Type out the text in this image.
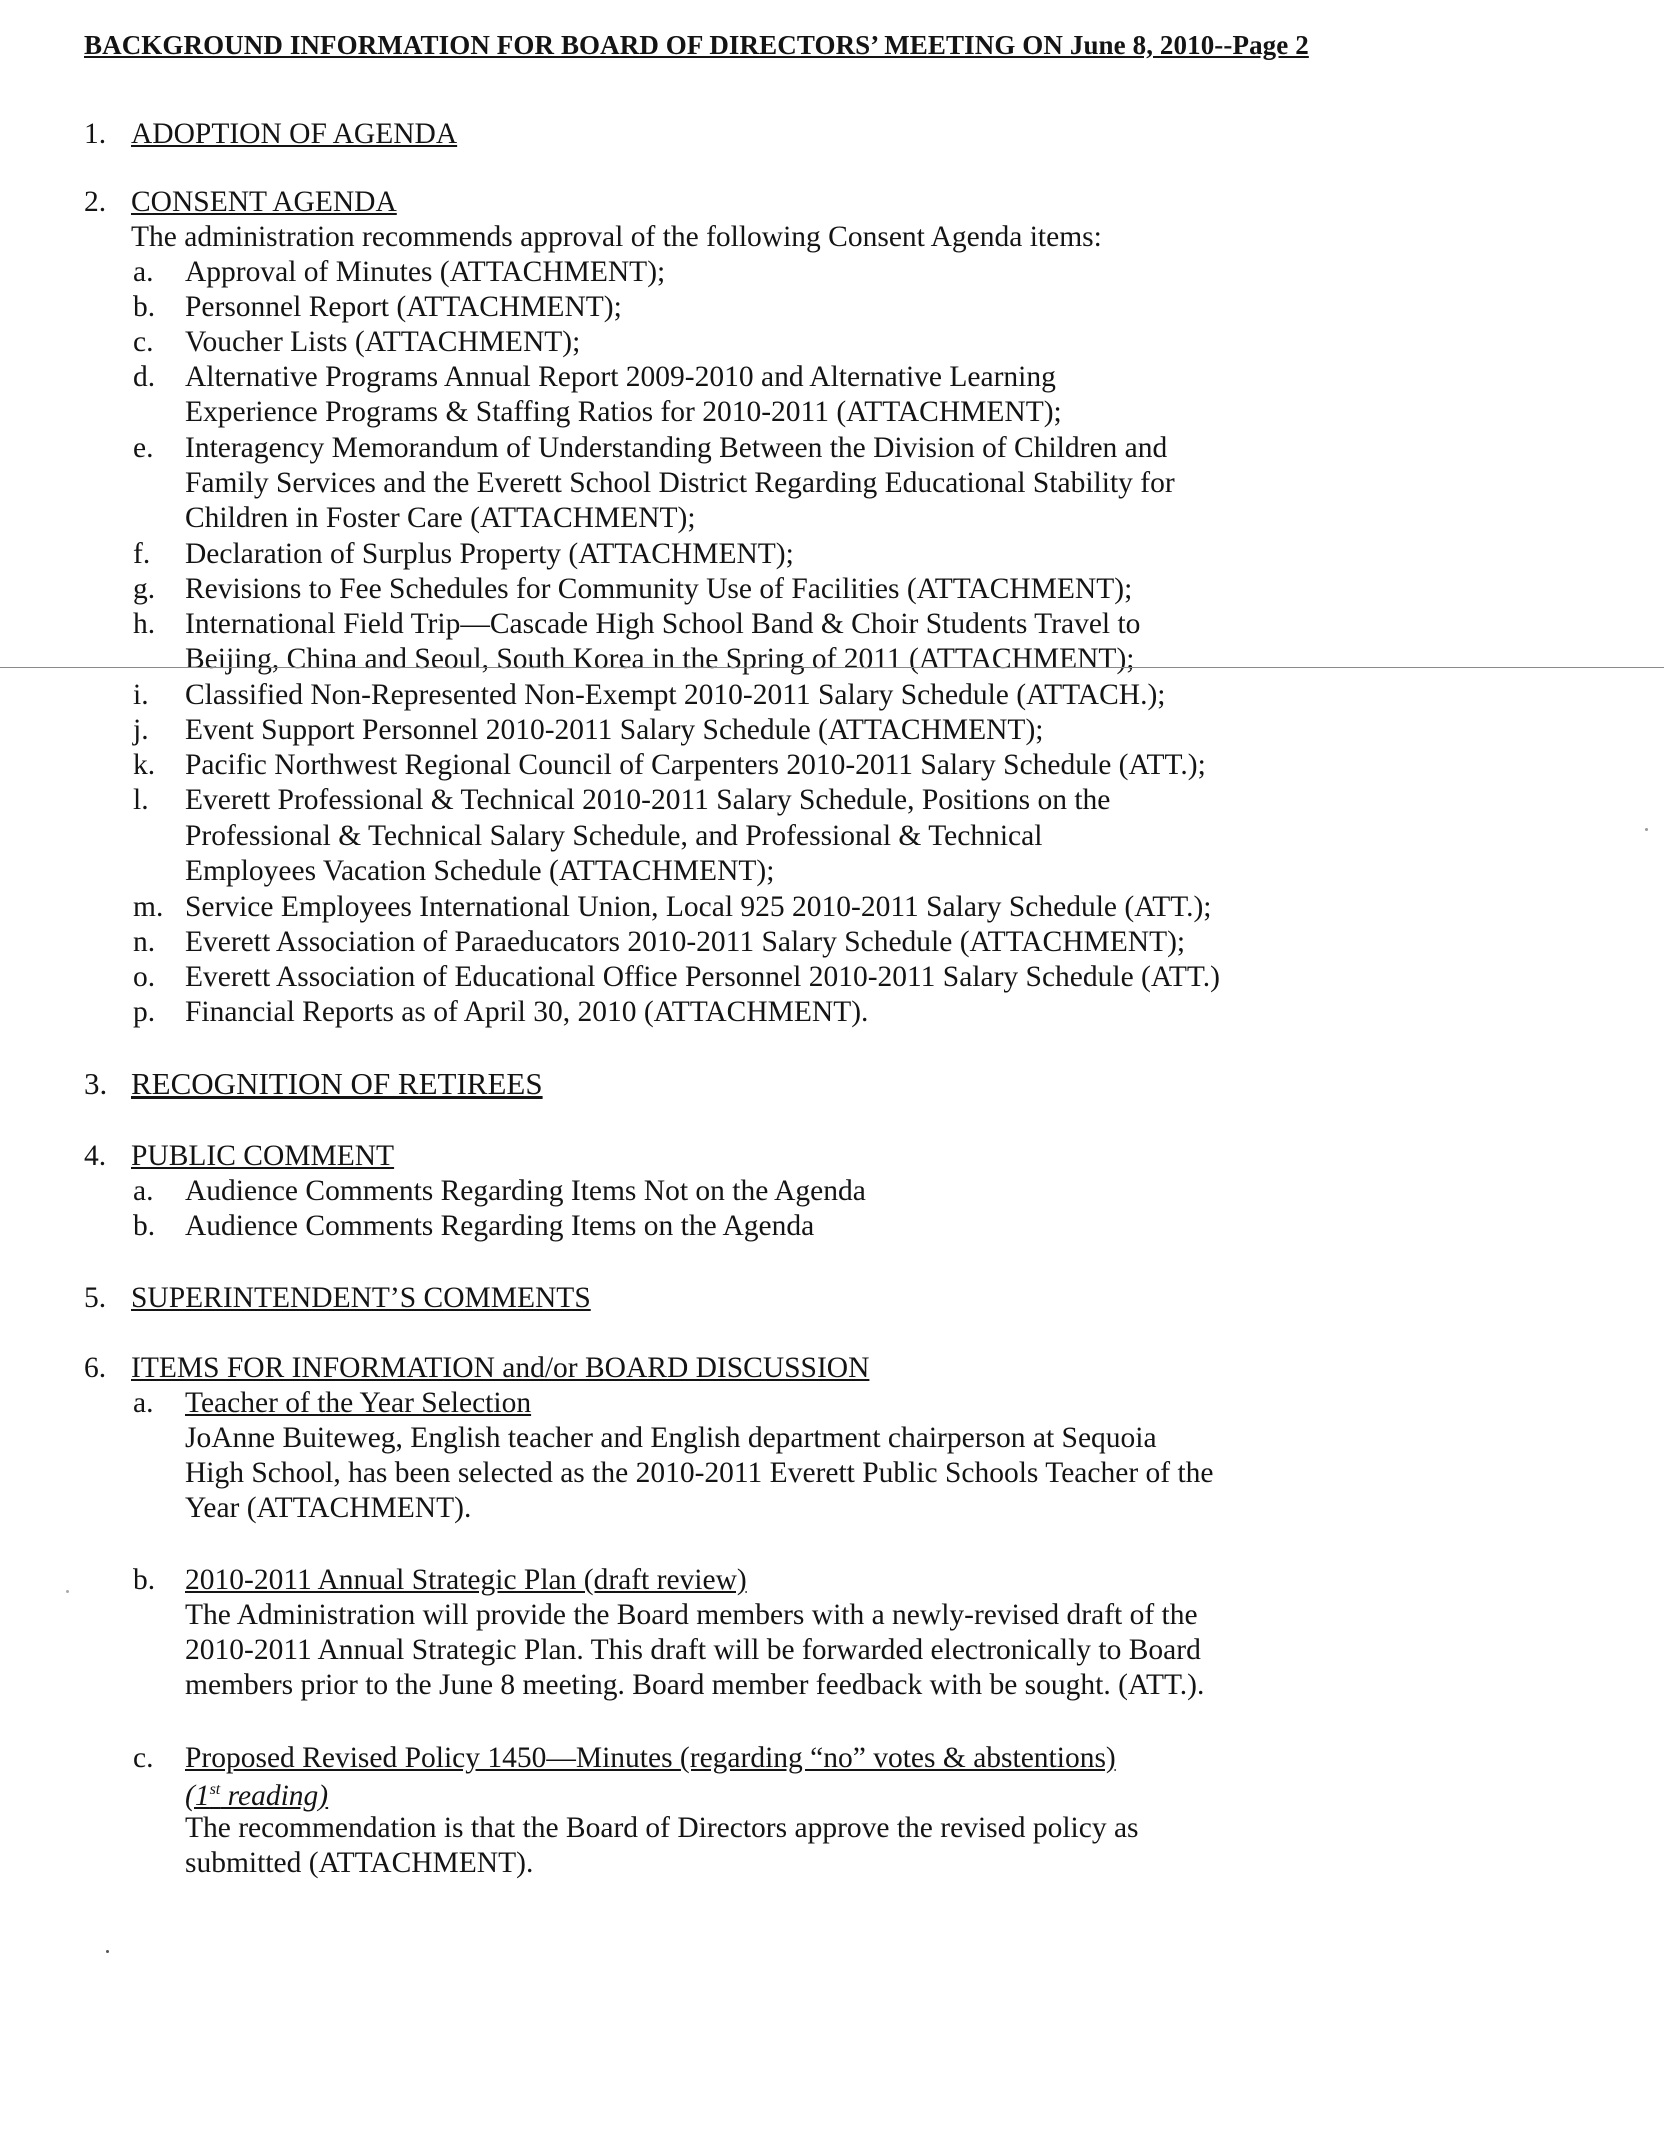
BACKGROUND INFORMATION FOR BOARD OF DIRECTORS’ MEETING ON June 8, 2010--Page 2
1. ADOPTION OF AGENDA
2. CONSENT AGENDA
The administration recommends approval of the following Consent Agenda items:
a. Approval of Minutes (ATTACHMENT);
b. Personnel Report (ATTACHMENT);
c. Voucher Lists (ATTACHMENT);
d. Alternative Programs Annual Report 2009-2010 and Alternative Learning
Experience Programs & Staffing Ratios for 2010-2011 (ATTACHMENT);
e. Interagency Memorandum of Understanding Between the Division of Children and
Family Services and the Everett School District Regarding Educational Stability for
Children in Foster Care (ATTACHMENT);
f. Declaration of Surplus Property (ATTACHMENT);
g. Revisions to Fee Schedules for Community Use of Facilities (ATTACHMENT);
h. International Field Trip—Cascade High School Band & Choir Students Travel to
Beijing, China and Seoul, South Korea in the Spring of 2011 (ATTACHMENT);
i. Classified Non-Represented Non-Exempt 2010-2011 Salary Schedule (ATTACH.);
j. Event Support Personnel 2010-2011 Salary Schedule (ATTACHMENT);
k. Pacific Northwest Regional Council of Carpenters 2010-2011 Salary Schedule (ATT.);
l. Everett Professional & Technical 2010-2011 Salary Schedule, Positions on the
Professional & Technical Salary Schedule, and Professional & Technical
Employees Vacation Schedule (ATTACHMENT);
m. Service Employees International Union, Local 925 2010-2011 Salary Schedule (ATT.);
n. Everett Association of Paraeducators 2010-2011 Salary Schedule (ATTACHMENT);
o. Everett Association of Educational Office Personnel 2010-2011 Salary Schedule (ATT.)
p. Financial Reports as of April 30, 2010 (ATTACHMENT).
3. RECOGNITION OF RETIREES
4. PUBLIC COMMENT
a. Audience Comments Regarding Items Not on the Agenda
b. Audience Comments Regarding Items on the Agenda
5. SUPERINTENDENT’S COMMENTS
6. ITEMS FOR INFORMATION and/or BOARD DISCUSSION
a. Teacher of the Year Selection
JoAnne Buiteweg, English teacher and English department chairperson at Sequoia
High School, has been selected as the 2010-2011 Everett Public Schools Teacher of the
Year (ATTACHMENT).
b. 2010-2011 Annual Strategic Plan (draft review)
The Administration will provide the Board members with a newly-revised draft of the
2010-2011 Annual Strategic Plan. This draft will be forwarded electronically to Board
members prior to the June 8 meeting. Board member feedback with be sought. (ATT.).
c. Proposed Revised Policy 1450—Minutes (regarding “no” votes & abstentions)
(1st reading)
The recommendation is that the Board of Directors approve the revised policy as
submitted (ATTACHMENT).
